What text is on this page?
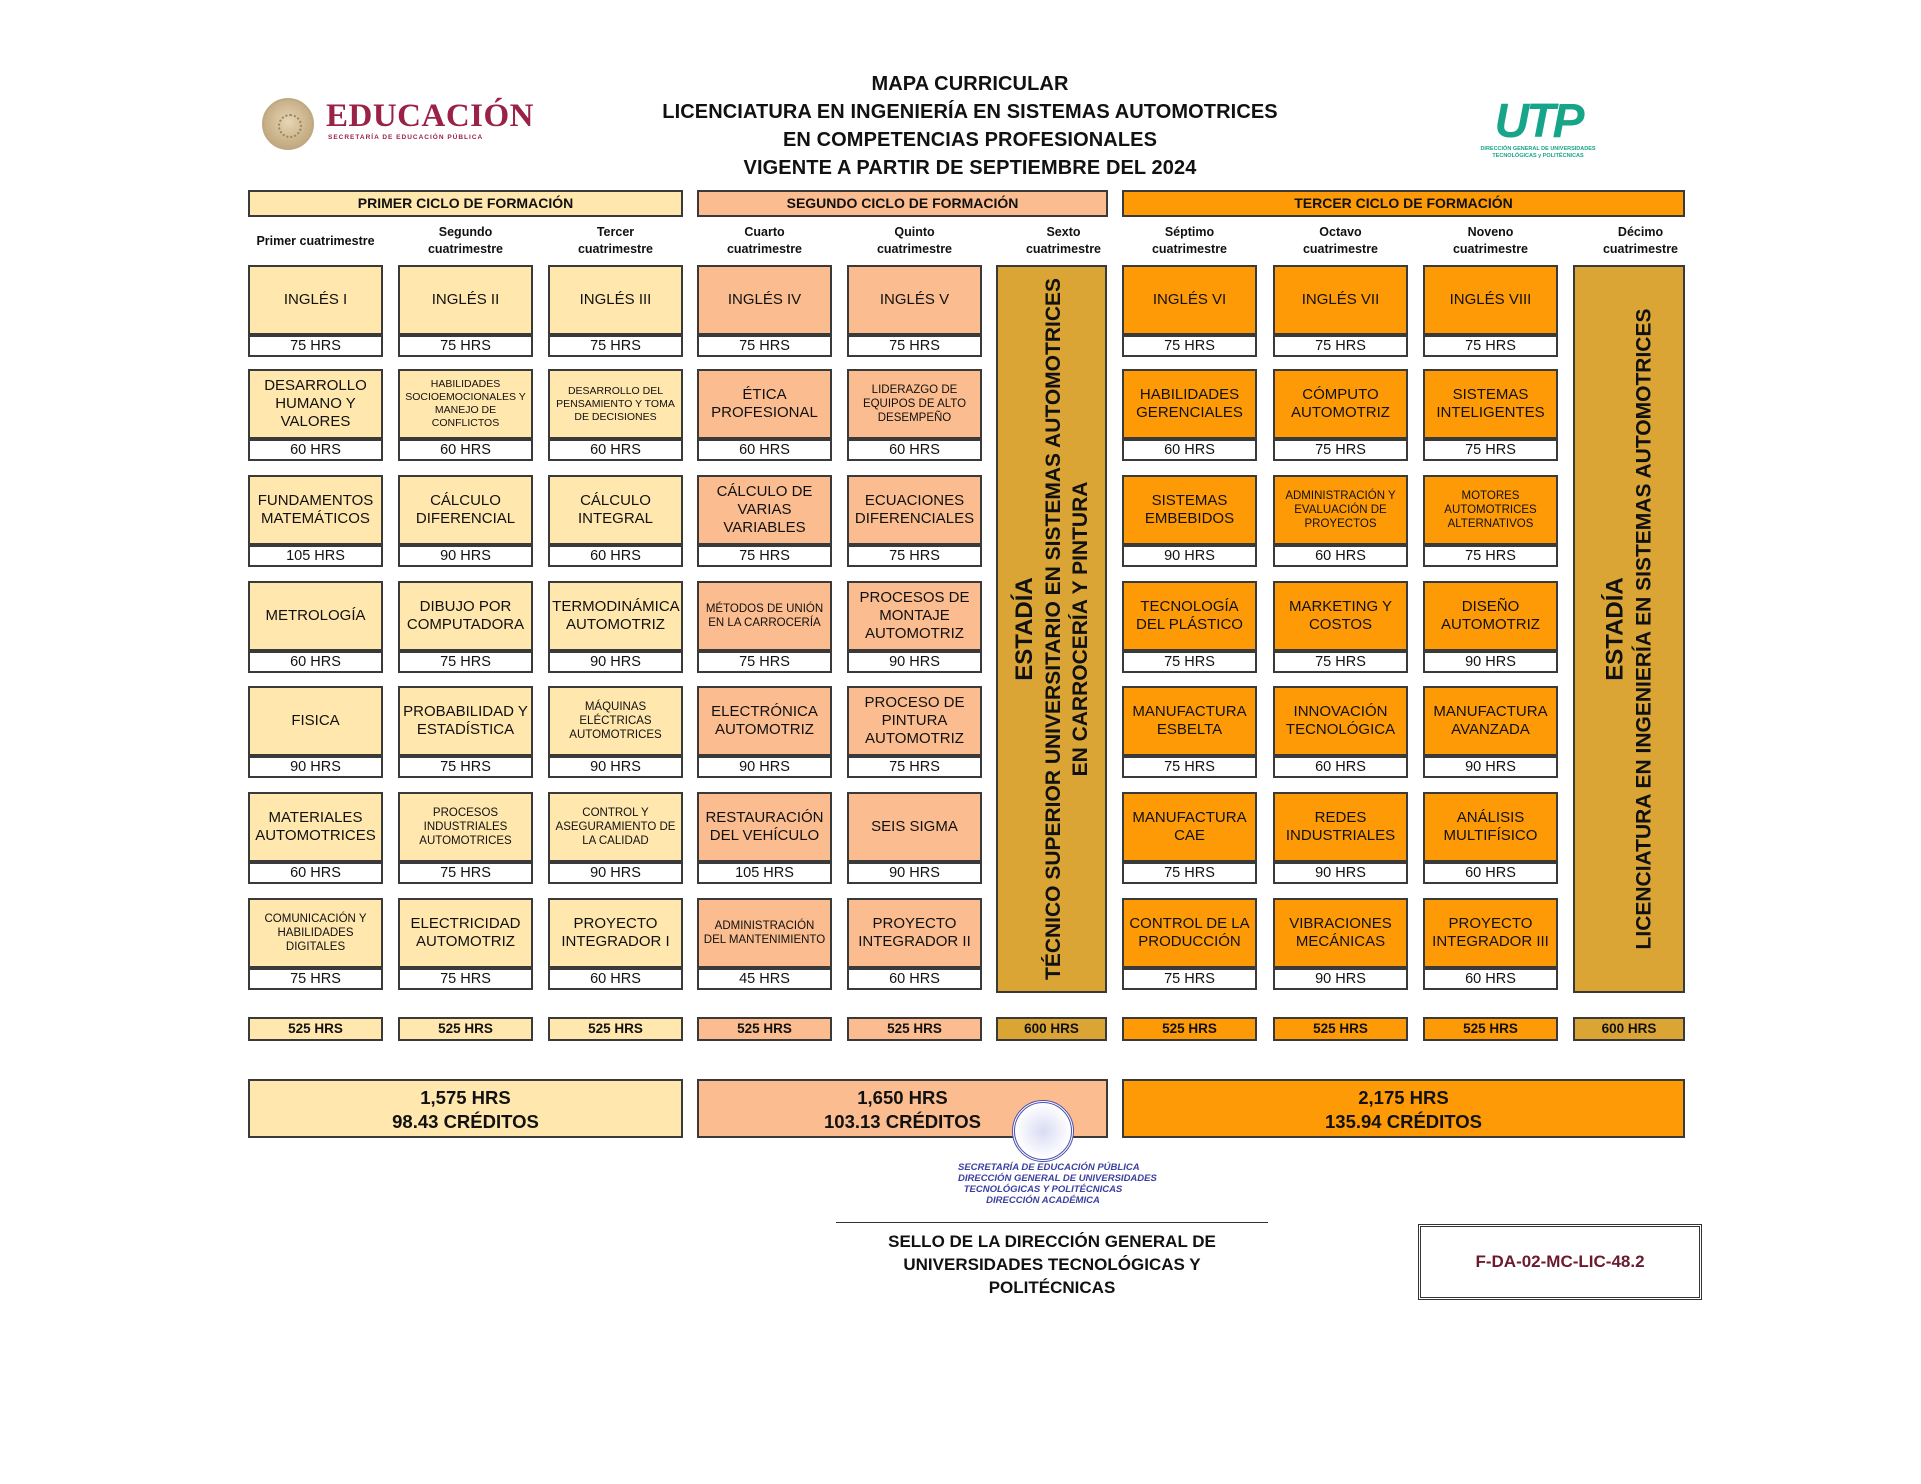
EDUCACIÓN
SECRETARÍA DE EDUCACIÓN PÚBLICA
MAPA CURRICULAR
LICENCIATURA EN INGENIERÍA EN SISTEMAS AUTOMOTRICES
EN COMPETENCIAS PROFESIONALES
VIGENTE A PARTIR DE SEPTIEMBRE DEL 2024
UTP
DIRECCIÓN GENERAL DE UNIVERSIDADES
TECNOLÓGICAS y POLITÉCNICAS
PRIMER CICLO DE FORMACIÓN	SEGUNDO CICLO DE FORMACIÓN	TERCER CICLO DE FORMACIÓN
Primer cuatrimestre
INGLÉS I
75 HRS
DESARROLLO HUMANO Y VALORES
60 HRS
FUNDAMENTOS MATEMÁTICOS
105 HRS
METROLOGÍA
60 HRS
FISICA
90 HRS
MATERIALES AUTOMOTRICES
60 HRS
COMUNICACIÓN Y HABILIDADES DIGITALES
75 HRS
525 HRS
Segundo
cuatrimestre
INGLÉS II
75 HRS
HABILIDADES SOCIOEMOCIONALES Y MANEJO DE CONFLICTOS
60 HRS
CÁLCULO DIFERENCIAL
90 HRS
DIBUJO POR COMPUTADORA
75 HRS
PROBABILIDAD Y ESTADÍSTICA
75 HRS
PROCESOS INDUSTRIALES AUTOMOTRICES
75 HRS
ELECTRICIDAD AUTOMOTRIZ
75 HRS
525 HRS
Tercer
cuatrimestre
INGLÉS III
75 HRS
DESARROLLO DEL PENSAMIENTO Y TOMA DE DECISIONES
60 HRS
CÁLCULO INTEGRAL
60 HRS
TERMODINÁMICA AUTOMOTRIZ
90 HRS
MÁQUINAS ELÉCTRICAS AUTOMOTRICES
90 HRS
CONTROL Y ASEGURAMIENTO DE LA CALIDAD
90 HRS
PROYECTO INTEGRADOR I
60 HRS
525 HRS
Cuarto
cuatrimestre
INGLÉS IV
75 HRS
ÉTICA PROFESIONAL
60 HRS
CÁLCULO DE VARIAS VARIABLES
75 HRS
MÉTODOS DE UNIÓN EN LA CARROCERÍA
75 HRS
ELECTRÓNICA AUTOMOTRIZ
90 HRS
RESTAURACIÓN DEL VEHÍCULO
105 HRS
ADMINISTRACIÓN DEL MANTENIMIENTO
45 HRS
525 HRS
Quinto
cuatrimestre
INGLÉS V
75 HRS
LIDERAZGO DE EQUIPOS DE ALTO DESEMPEÑO
60 HRS
ECUACIONES DIFERENCIALES
75 HRS
PROCESOS DE MONTAJE AUTOMOTRIZ
90 HRS
PROCESO DE PINTURA AUTOMOTRIZ
75 HRS
SEIS SIGMA
90 HRS
PROYECTO INTEGRADOR II
60 HRS
525 HRS
Sexto
cuatrimestre
ESTADÍA TÉCNICO SUPERIOR UNIVERSITARIO EN SISTEMAS AUTOMOTRICES EN CARROCERÍA Y PINTURA
600 HRS
Séptimo
cuatrimestre
INGLÉS VI
75 HRS
HABILIDADES GERENCIALES
60 HRS
SISTEMAS EMBEBIDOS
90 HRS
TECNOLOGÍA DEL PLÁSTICO
75 HRS
MANUFACTURA ESBELTA
75 HRS
MANUFACTURA CAE
75 HRS
CONTROL DE LA PRODUCCIÓN
75 HRS
525 HRS
Octavo
cuatrimestre
INGLÉS VII
75 HRS
CÓMPUTO AUTOMOTRIZ
75 HRS
ADMINISTRACIÓN Y EVALUACIÓN DE PROYECTOS
60 HRS
MARKETING Y COSTOS
75 HRS
INNOVACIÓN TECNOLÓGICA
60 HRS
REDES INDUSTRIALES
90 HRS
VIBRACIONES MECÁNICAS
90 HRS
525 HRS
Noveno
cuatrimestre
INGLÉS VIII
75 HRS
SISTEMAS INTELIGENTES
75 HRS
MOTORES AUTOMOTRICES ALTERNATIVOS
75 HRS
DISEÑO AUTOMOTRIZ
90 HRS
MANUFACTURA AVANZADA
90 HRS
ANÁLISIS MULTIFÍSICO
60 HRS
PROYECTO INTEGRADOR III
60 HRS
525 HRS
Décimo
cuatrimestre
ESTADÍA LICENCIATURA EN INGENIERÍA EN SISTEMAS AUTOMOTRICES
600 HRS
1,575 HRS
98.43 CRÉDITOS
1,650 HRS
103.13 CRÉDITOS
2,175 HRS
135.94 CRÉDITOS
SECRETARÍA DE EDUCACIÓN PÚBLICA
DIRECCIÓN GENERAL DE UNIVERSIDADES
TECNOLÓGICAS Y POLITÉCNICAS
DIRECCIÓN ACADÉMICA
SELLO DE LA DIRECCIÓN GENERAL DE
UNIVERSIDADES TECNOLÓGICAS Y
POLITÉCNICAS
F-DA-02-MC-LIC-48.2
